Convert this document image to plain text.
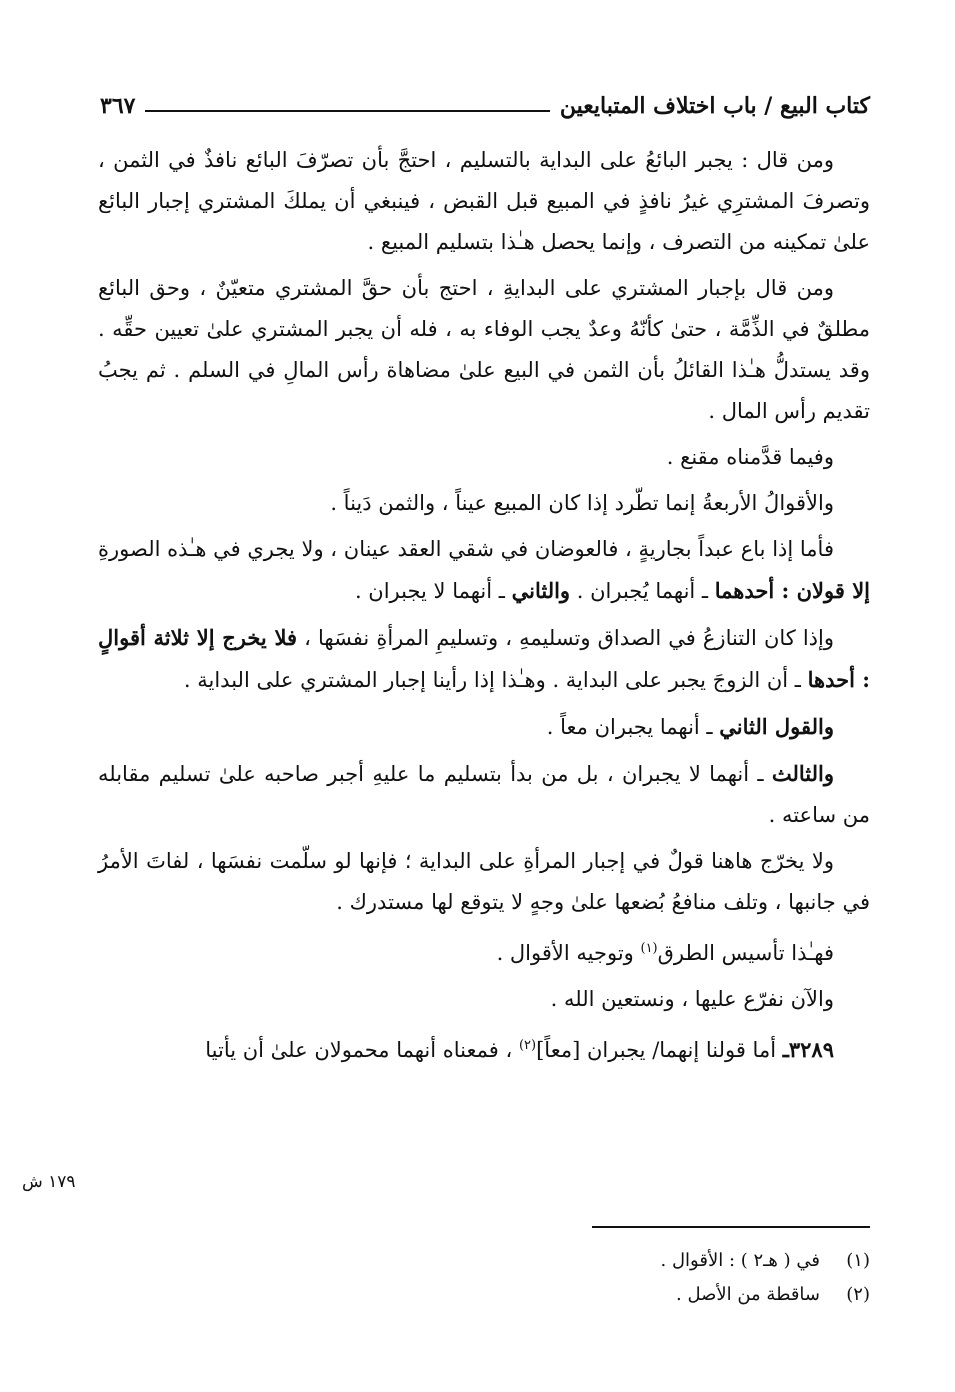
كتاب البيع / باب اختلاف المتبايعين
٣٦٧

ومن قال : يجبر البائعُ على البداية بالتسليم ، احتجَّ بأن تصرّفَ البائع نافذٌ في الثمن ، وتصرفَ المشترِي غيرُ نافذٍ في المبيع قبل القبض ، فينبغي أن يملكَ المشتري إجبار البائع علىٰ تمكينه من التصرف ، وإنما يحصل هـٰذا بتسليم المبيع .

ومن قال بإجبار المشتري على البدايةِ ، احتج بأن حقَّ المشتري متعيّنٌ ، وحق البائع مطلقٌ في الذِّمَّة ، حتىٰ كأنّهُ وعدٌ يجب الوفاء به ، فله أن يجبر المشتري علىٰ تعيين حقِّه . وقد يستدلُّ هـٰذا القائلُ بأن الثمن في البيع علىٰ مضاهاة رأس المالِ في السلم . ثم يجبُ تقديم رأس المال .

وفيما قدَّمناه مقنع .

والأقوالُ الأربعةُ إنما تطّرد إذا كان المبيع عيناً ، والثمن دَيناً .

فأما إذا باع عبداً بجاريةٍ ، فالعوضان في شقي العقد عينان ، ولا يجري في هـٰذه الصورةِ إلا قولان : أحدهما ـ أنهما يُجبران . والثاني ـ أنهما لا يجبران .

وإذا كان التنازعُ في الصداق وتسليمهِ ، وتسليمِ المرأةِ نفسَها ، فلا يخرج إلا ثلاثة أقوالٍ : أحدها ـ أن الزوجَ يجبر على البداية . وهـٰذا إذا رأينا إجبار المشتري على البداية .

والقول الثاني ـ أنهما يجبران معاً .

والثالث ـ أنهما لا يجبران ، بل من بدأ بتسليم ما عليهِ أجبر صاحبه علىٰ تسليم مقابله من ساعته .

ولا يخرّج هاهنا قولٌ في إجبار المرأةِ على البداية ؛ فإنها لو سلّمت نفسَها ، لفاتَ الأمرُ في جانبها ، وتلف منافعُ بُضعها علىٰ وجهٍ لا يتوقع لها مستدرك .

فهـٰذا تأسيس الطرق$^{(١)}$ وتوجيه الأقوال .

والآن نفرّع عليها ، ونستعين الله .

٣٢٨٩ـ أما قولنا إنهما/ يجبران [معاً]$^{(٢)}$ ، فمعناه أنهما محمولان علىٰ أن يأتيا

١٧٩ ش
(١)
في ( هـ٢ ) : الأقوال .
(٢)
ساقطة من الأصل .
